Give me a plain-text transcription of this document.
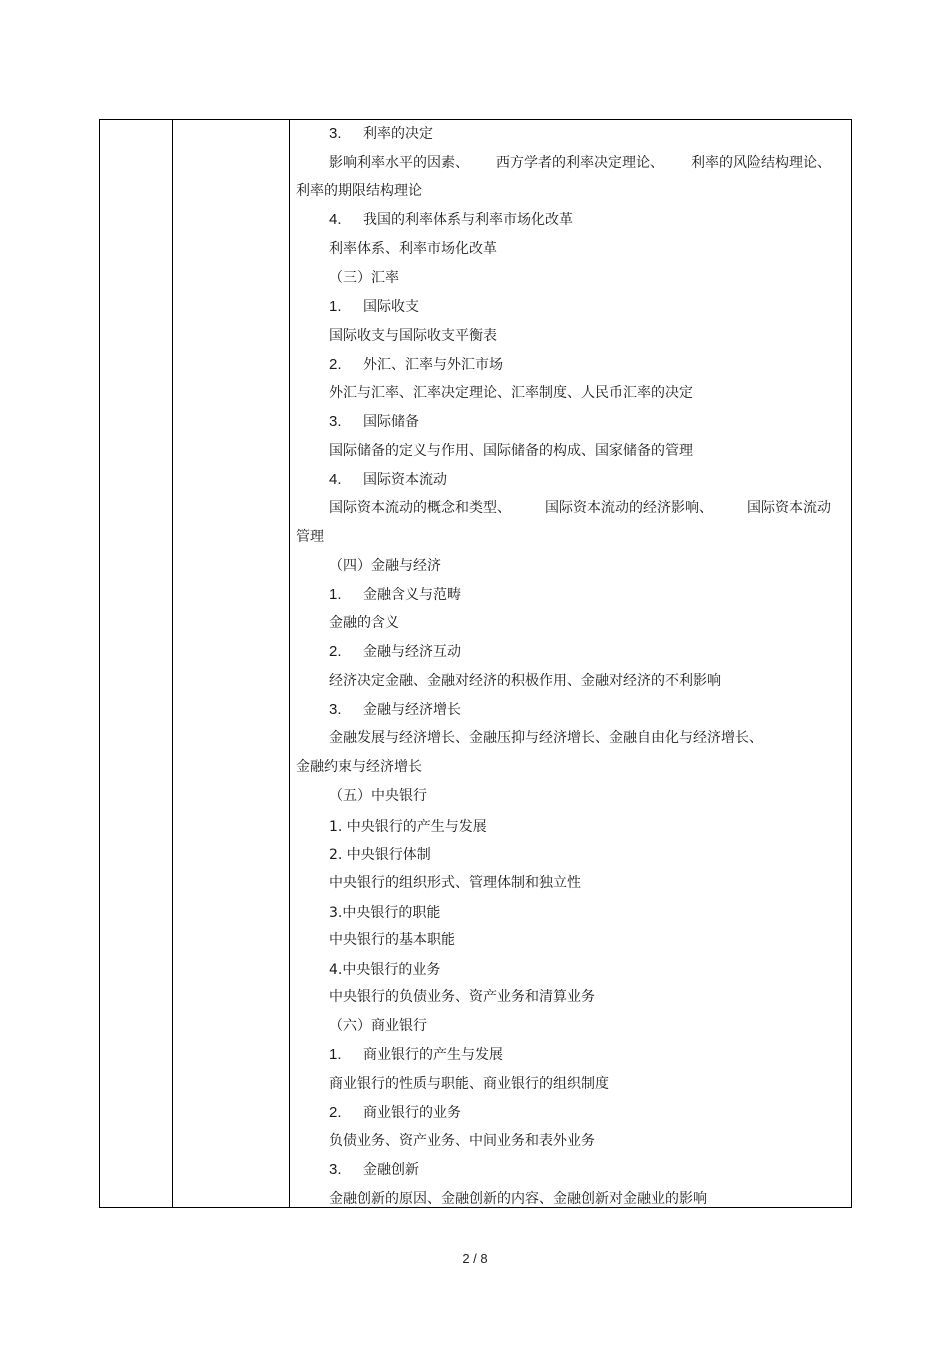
3. 利率的决定
影响利率水平的因素、 西方学者的利率决定理论、 利率的风险结构理论、
利率的期限结构理论
4. 我国的利率体系与利率市场化改革
利率体系、利率市场化改革
（三）汇率
1. 国际收支
国际收支与国际收支平衡表
2. 外汇、汇率与外汇市场
外汇与汇率、汇率决定理论、汇率制度、人民币汇率的决定
3. 国际储备
国际储备的定义与作用、国际储备的构成、国家储备的管理
4. 国际资本流动
国际资本流动的概念和类型、 国际资本流动的经济影响、 国际资本流动
管理
（四）金融与经济
1. 金融含义与范畴
金融的含义
2. 金融与经济互动
经济决定金融、金融对经济的积极作用、金融对经济的不利影响
3. 金融与经济增长
金融发展与经济增长、金融压抑与经济增长、金融自由化与经济增长、
金融约束与经济增长
（五）中央银行
1. 中央银行的产生与发展
2. 中央银行体制
中央银行的组织形式、管理体制和独立性
3.中央银行的职能
中央银行的基本职能
4.中央银行的业务
中央银行的负债业务、资产业务和清算业务
（六）商业银行
1. 商业银行的产生与发展
商业银行的性质与职能、商业银行的组织制度
2. 商业银行的业务
负债业务、资产业务、中间业务和表外业务
3. 金融创新
金融创新的原因、金融创新的内容、金融创新对金融业的影响
2 / 8
